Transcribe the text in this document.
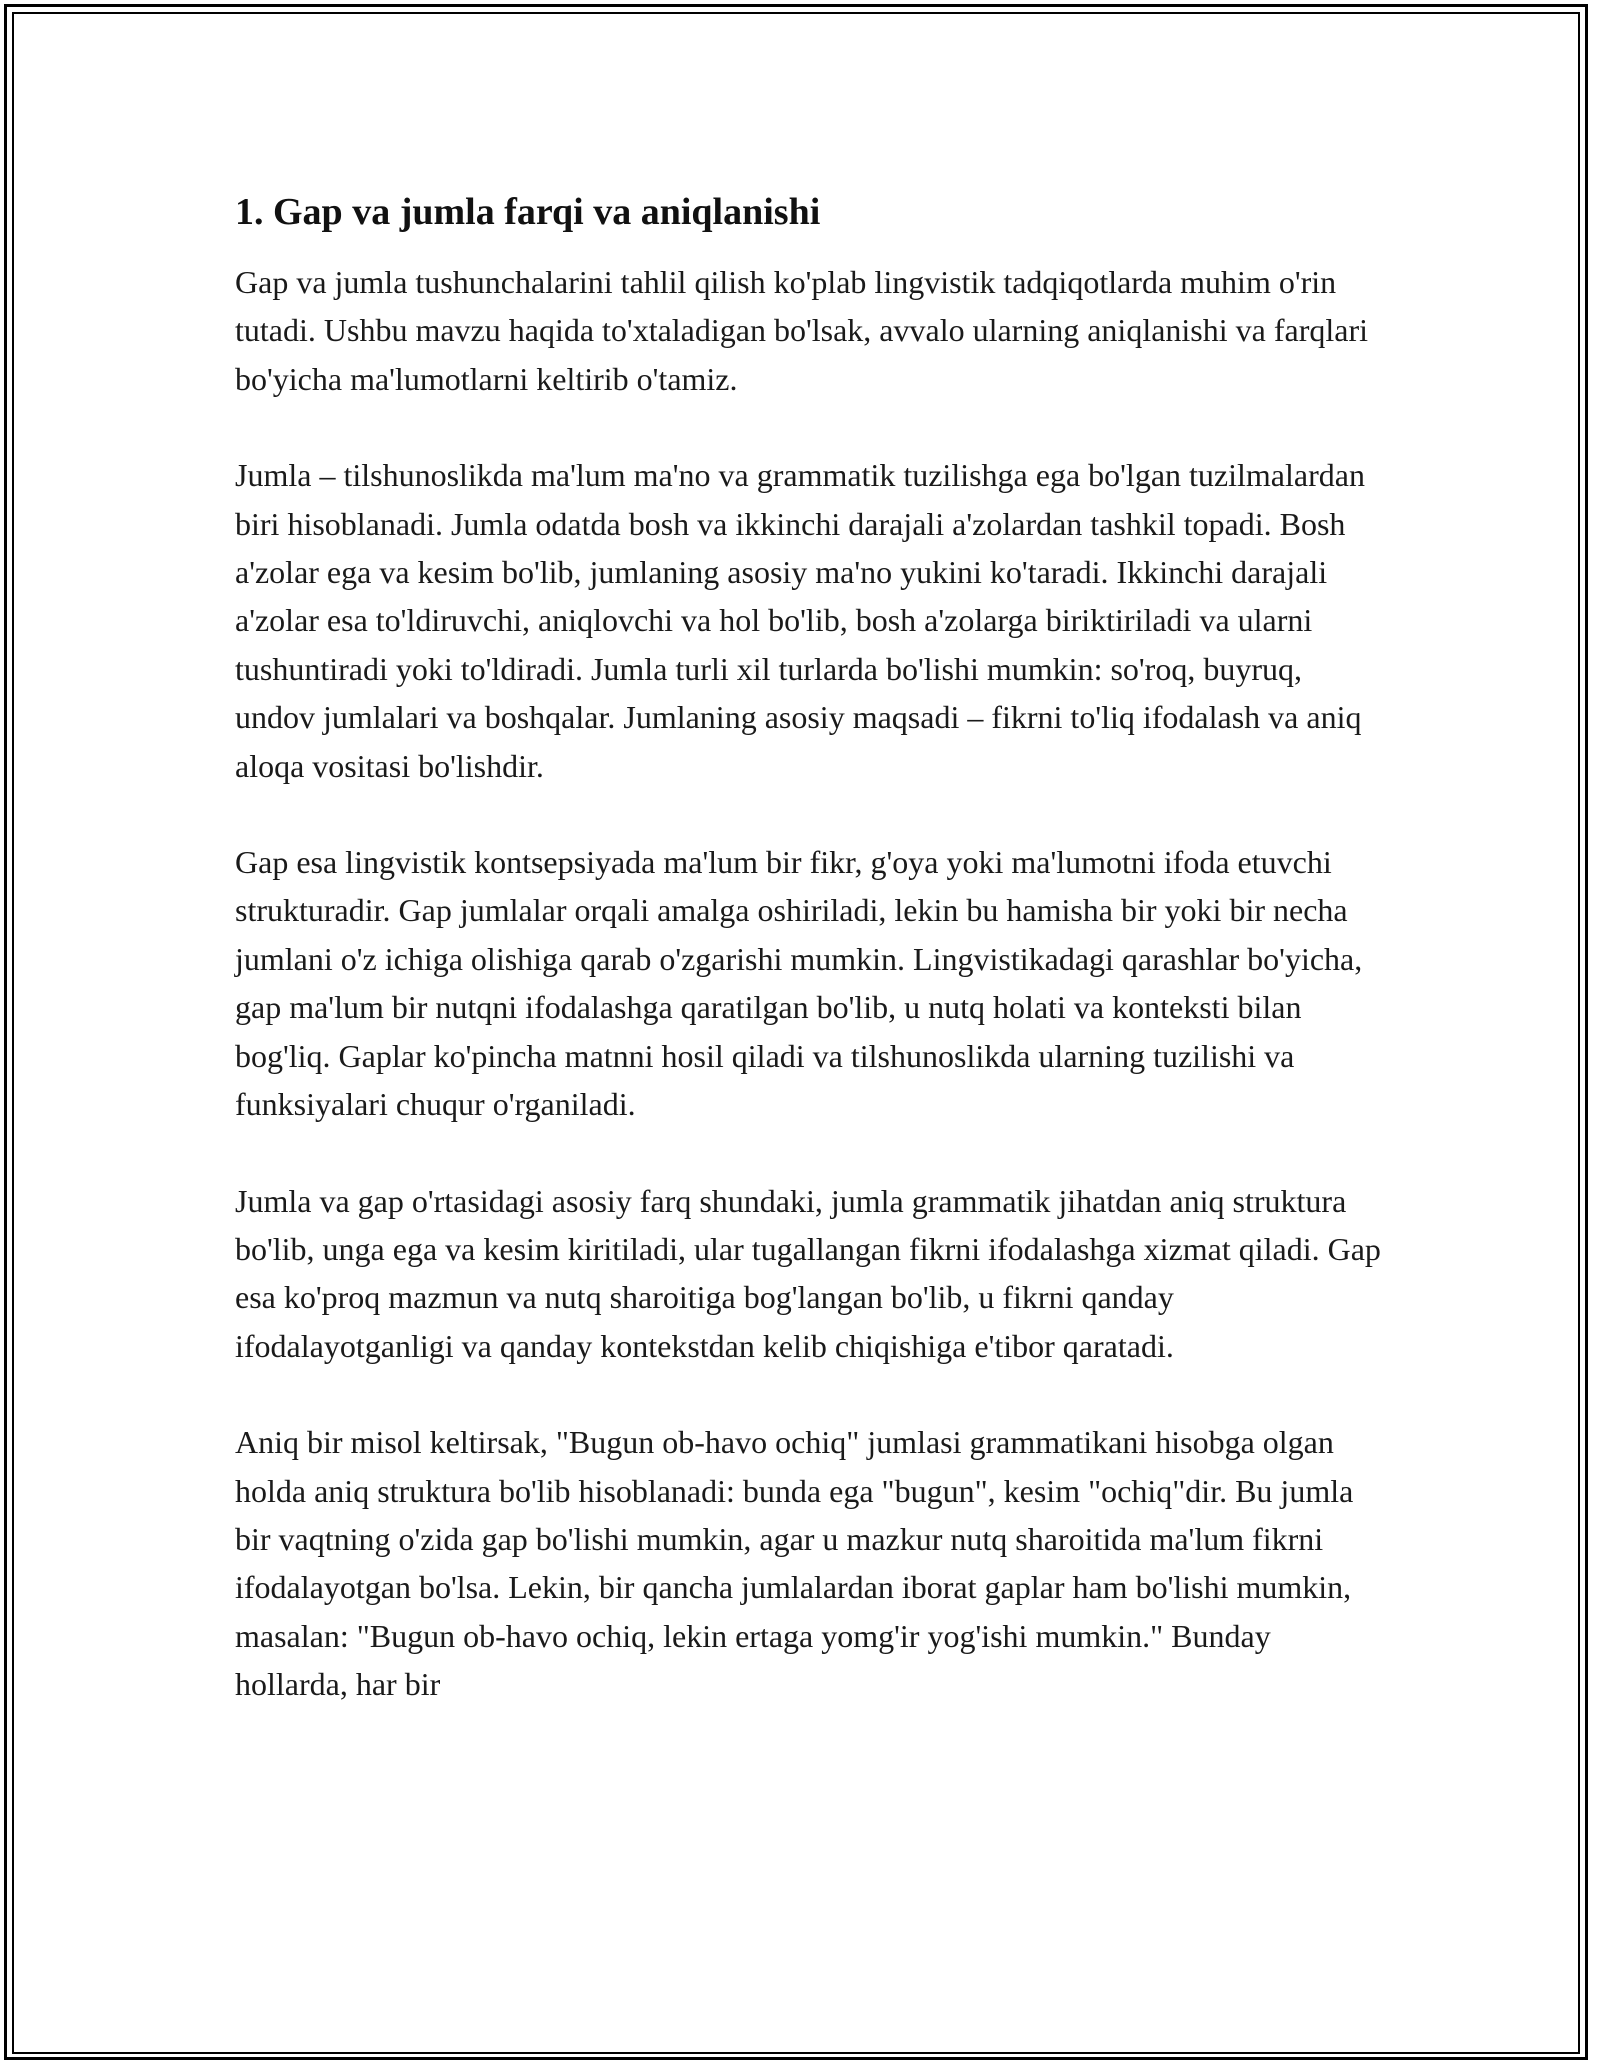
1. Gap va jumla farqi va aniqlanishi

Gap va jumla tushunchalarini tahlil qilish ko'plab lingvistik tadqiqotlarda muhim o'rin tutadi. Ushbu mavzu haqida to'xtaladigan bo'lsak, avvalo ularning aniqlanishi va farqlari bo'yicha ma'lumotlarni keltirib o'tamiz.

Jumla – tilshunoslikda ma'lum ma'no va grammatik tuzilishga ega bo'lgan tuzilmalardan biri hisoblanadi. Jumla odatda bosh va ikkinchi darajali a'zolardan tashkil topadi. Bosh a'zolar ega va kesim bo'lib, jumlaning asosiy ma'no yukini ko'taradi. Ikkinchi darajali a'zolar esa to'ldiruvchi, aniqlovchi va hol bo'lib, bosh a'zolarga biriktiriladi va ularni tushuntiradi yoki to'ldiradi. Jumla turli xil turlarda bo'lishi mumkin: so'roq, buyruq, undov jumlalari va boshqalar. Jumlaning asosiy maqsadi – fikrni to'liq ifodalash va aniq aloqa vositasi bo'lishdir.

Gap esa lingvistik kontsepsiyada ma'lum bir fikr, g'oya yoki ma'lumotni ifoda etuvchi strukturadir. Gap jumlalar orqali amalga oshiriladi, lekin bu hamisha bir yoki bir necha jumlani o'z ichiga olishiga qarab o'zgarishi mumkin. Lingvistikadagi qarashlar bo'yicha, gap ma'lum bir nutqni ifodalashga qaratilgan bo'lib, u nutq holati va konteksti bilan bog'liq. Gaplar ko'pincha matnni hosil qiladi va tilshunoslikda ularning tuzilishi va funksiyalari chuqur o'rganiladi.

Jumla va gap o'rtasidagi asosiy farq shundaki, jumla grammatik jihatdan aniq struktura bo'lib, unga ega va kesim kiritiladi, ular tugallangan fikrni ifodalashga xizmat qiladi. Gap esa ko'proq mazmun va nutq sharoitiga bog'langan bo'lib, u fikrni qanday ifodalayotganligi va qanday kontekstdan kelib chiqishiga e'tibor qaratadi.

Aniq bir misol keltirsak, "Bugun ob-havo ochiq" jumlasi grammatikani hisobga olgan holda aniq struktura bo'lib hisoblanadi: bunda ega "bugun", kesim "ochiq"dir. Bu jumla bir vaqtning o'zida gap bo'lishi mumkin, agar u mazkur nutq sharoitida ma'lum fikrni ifodalayotgan bo'lsa. Lekin, bir qancha jumlalardan iborat gaplar ham bo'lishi mumkin, masalan: "Bugun ob-havo ochiq, lekin ertaga yomg'ir yog'ishi mumkin." Bunday hollarda, har bir
